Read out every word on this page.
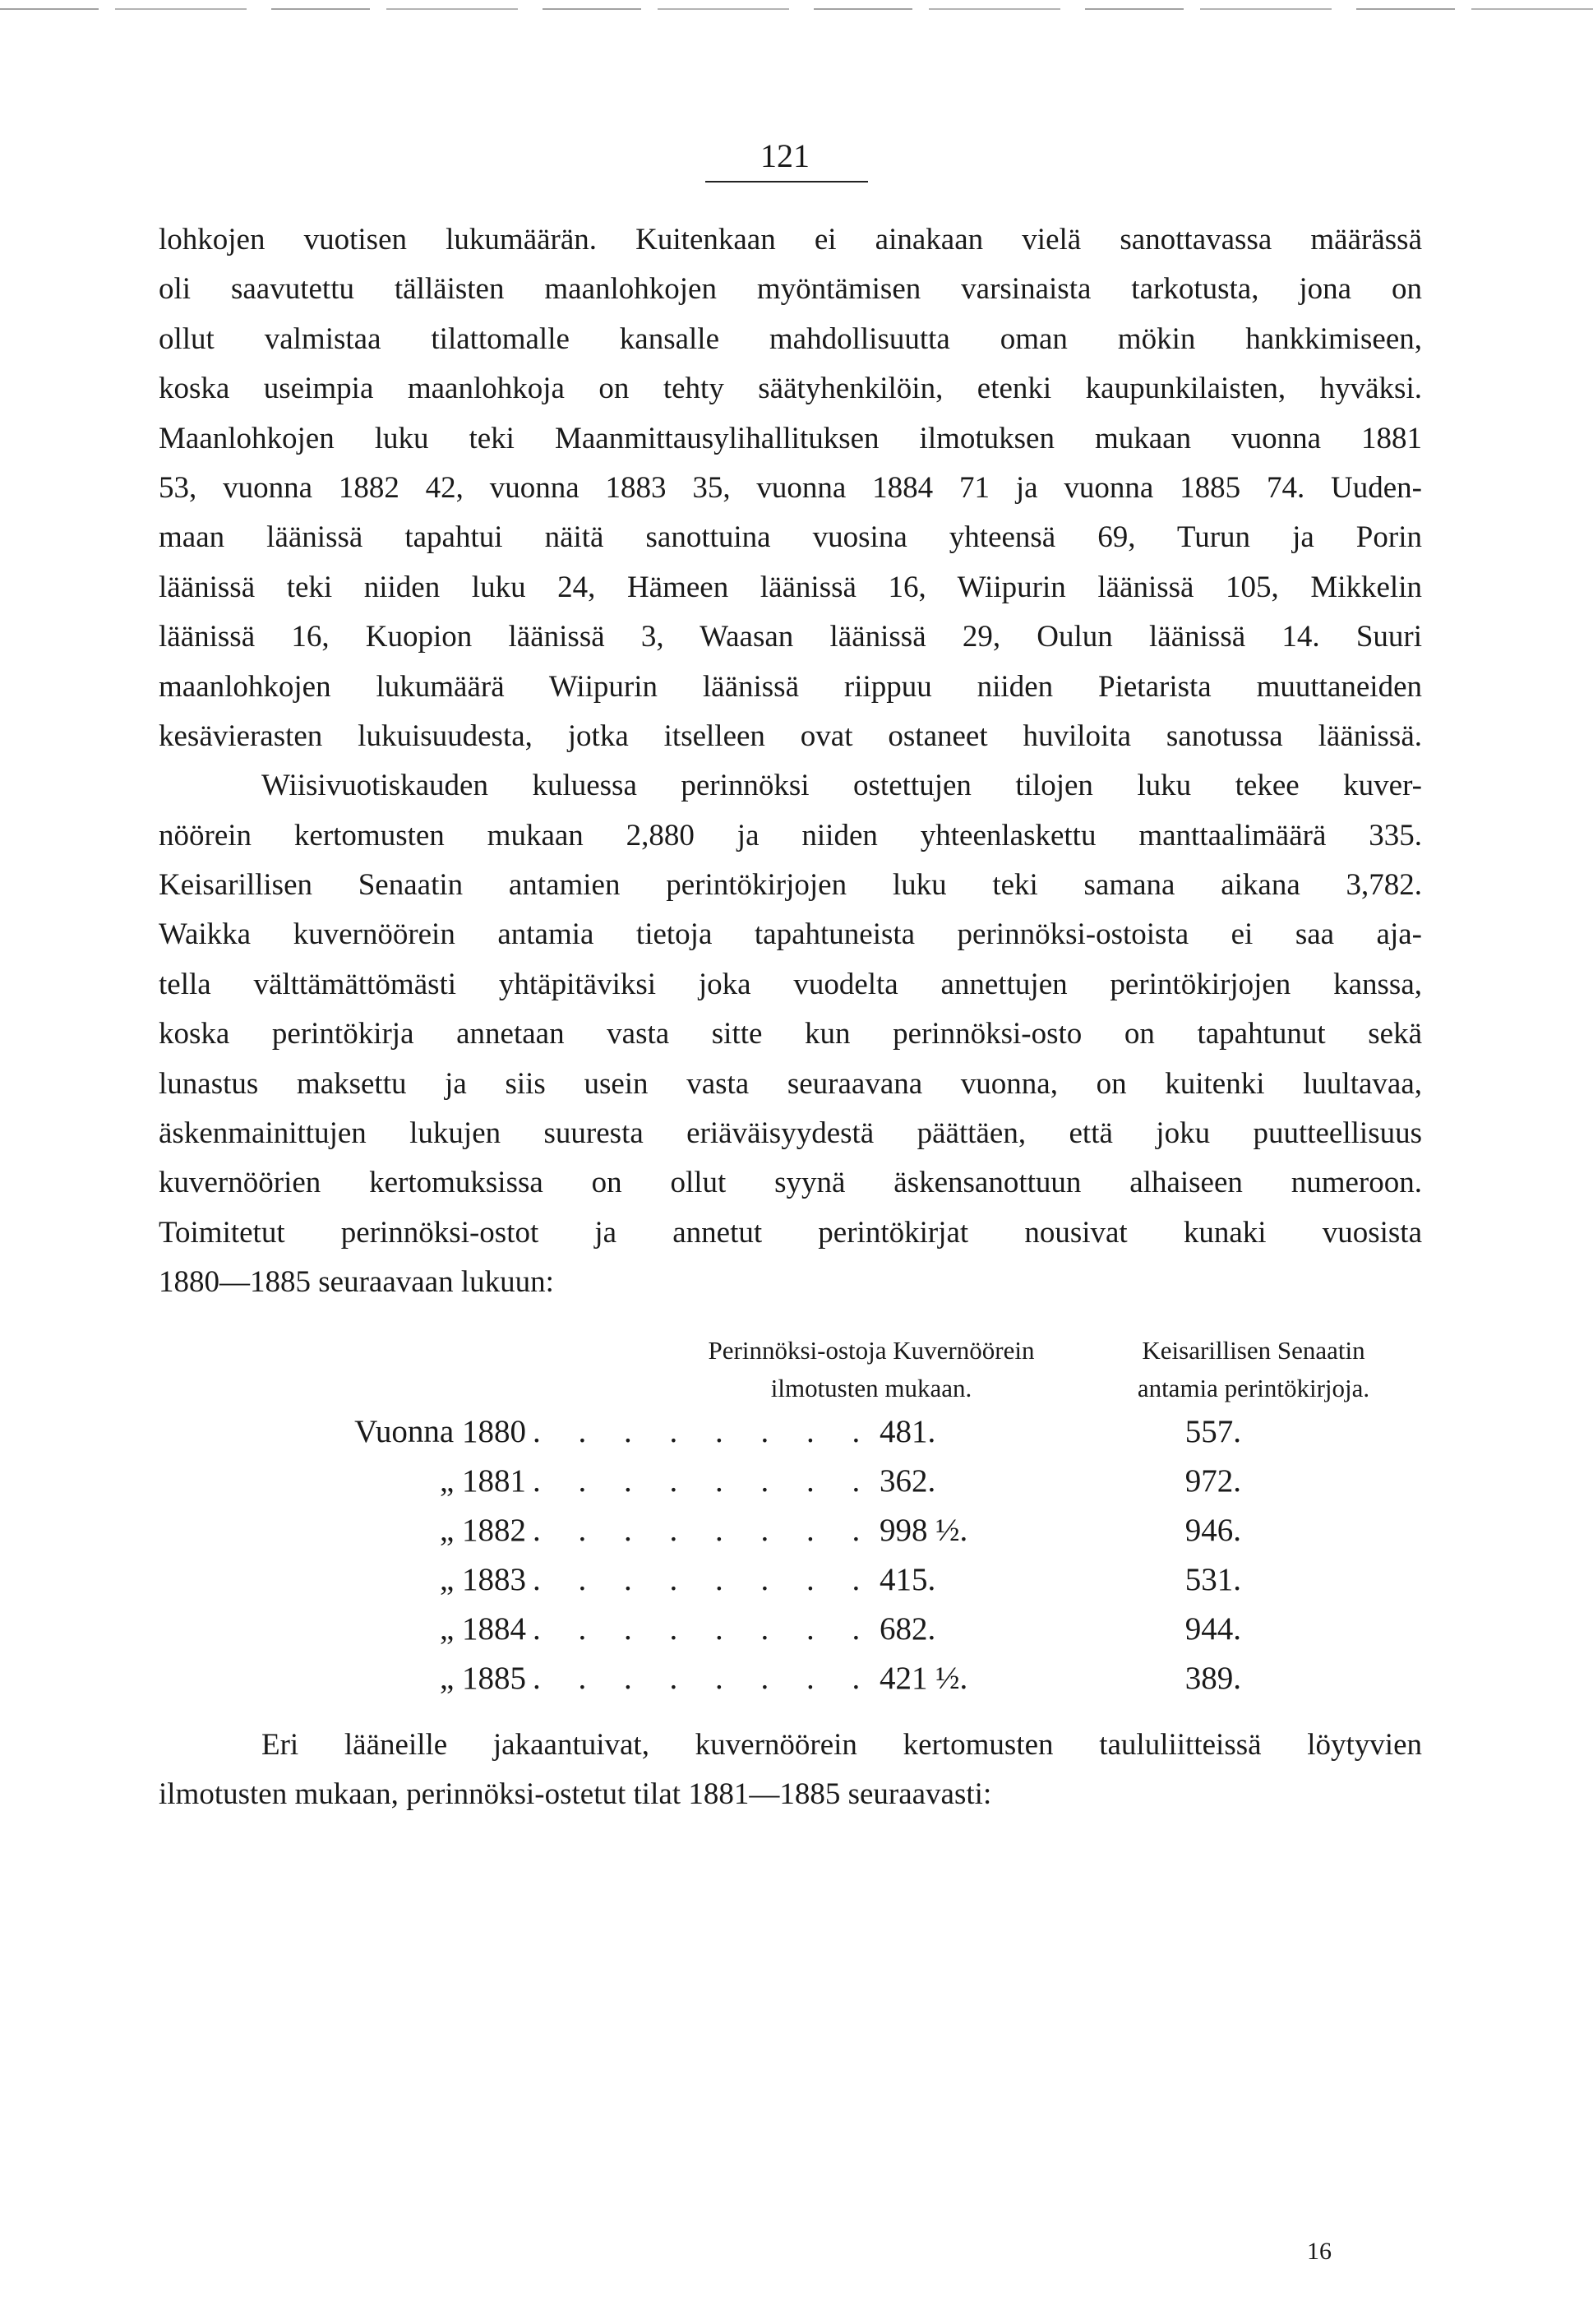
121
lohkojen vuotisen lukumäärän. Kuitenkaan ei ainakaan vielä sanottavassa määrässä
oli saavutettu tälläisten maanlohkojen myöntämisen varsinaista tarkotusta, jona on
ollut valmistaa tilattomalle kansalle mahdollisuutta oman mökin hankkimiseen,
koska useimpia maanlohkoja on tehty säätyhenkilöin, etenki kaupunkilaisten, hyväksi.
Maanlohkojen luku teki Maanmittausylihallituksen ilmotuksen mukaan vuonna 1881
53, vuonna 1882 42, vuonna 1883 35, vuonna 1884 71 ja vuonna 1885 74. Uuden-
maan läänissä tapahtui näitä sanottuina vuosina yhteensä 69, Turun ja Porin
läänissä teki niiden luku 24, Hämeen läänissä 16, Wiipurin läänissä 105, Mikkelin
läänissä 16, Kuopion läänissä 3, Waasan läänissä 29, Oulun läänissä 14. Suuri
maanlohkojen lukumäärä Wiipurin läänissä riippuu niiden Pietarista muuttaneiden
kesävierasten lukuisuudesta, jotka itselleen ovat ostaneet huviloita sanotussa läänissä.
Wiisivuotiskauden kuluessa perinnöksi ostettujen tilojen luku tekee kuver-
nöörein kertomusten mukaan 2,880 ja niiden yhteenlaskettu manttaalimäärä 335.
Keisarillisen Senaatin antamien perintökirjojen luku teki samana aikana 3,782.
Waikka kuvernöörein antamia tietoja tapahtuneista perinnöksi-ostoista ei saa aja-
tella välttämättömästi yhtäpitäviksi joka vuodelta annettujen perintökirjojen kanssa,
koska perintökirja annetaan vasta sitte kun perinnöksi-osto on tapahtunut sekä
lunastus maksettu ja siis usein vasta seuraavana vuonna, on kuitenki luultavaa,
äskenmainittujen lukujen suuresta eriäväisyydestä päättäen, että joku puutteellisuus
kuvernöörien kertomuksissa on ollut syynä äskensanottuun alhaiseen numeroon.
Toimitetut perinnöksi-ostot ja annetut perintökirjat nousivat kunaki vuosista
1880—1885 seuraavaan lukuun:
Perinnöksi-ostoja Kuvernöörein
ilmotusten mukaan.
Keisarillisen Senaatin
antamia perintökirjoja.
Vuonna 1880 . . . . . . . . 481.	557.
„ 1881 . . . . . . . . 362.	972.
„ 1882 . . . . . . . . 998 ½.	946.
„ 1883 . . . . . . . . 415.	531.
„ 1884 . . . . . . . . 682.	944.
„ 1885 . . . . . . . . 421 ½.	389.
Eri lääneille jakaantuivat, kuvernöörein kertomusten taululiitteissä löytyvien
ilmotusten mukaan, perinnöksi-ostetut tilat 1881—1885 seuraavasti:
16
